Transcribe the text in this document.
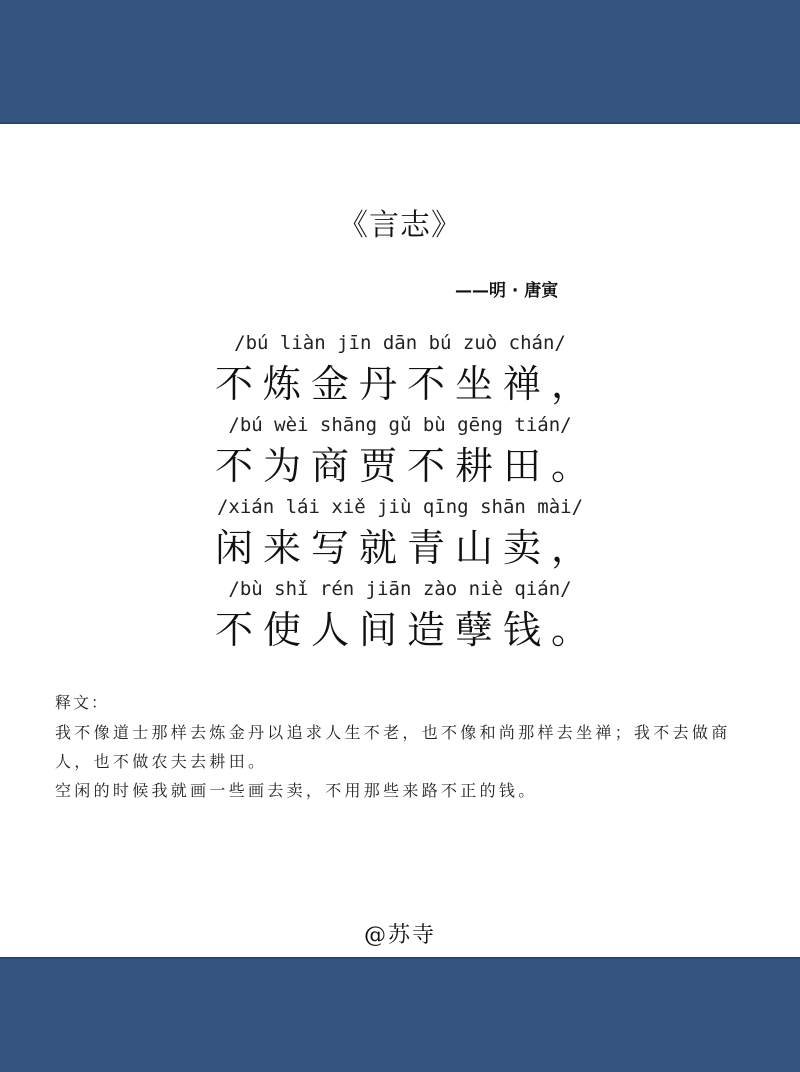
《言志》
——明 · 唐寅
/bú liàn jīn dān bú zuò chán/
不炼金丹不坐禅，
/bú wèi shāng gǔ bù gēng tián/
不为商贾不耕田。
/xián lái xiě jiù qīng shān mài/
闲来写就青山卖，
/bù shǐ rén jiān zào niè qián/
不使人间造孽钱。
释文：

我不像道士那样去炼金丹以追求人生不老，也不像和尚那样去坐禅；我不去做商人，也不做农夫去耕田。

空闲的时候我就画一些画去卖，不用那些来路不正的钱。

@苏寺
